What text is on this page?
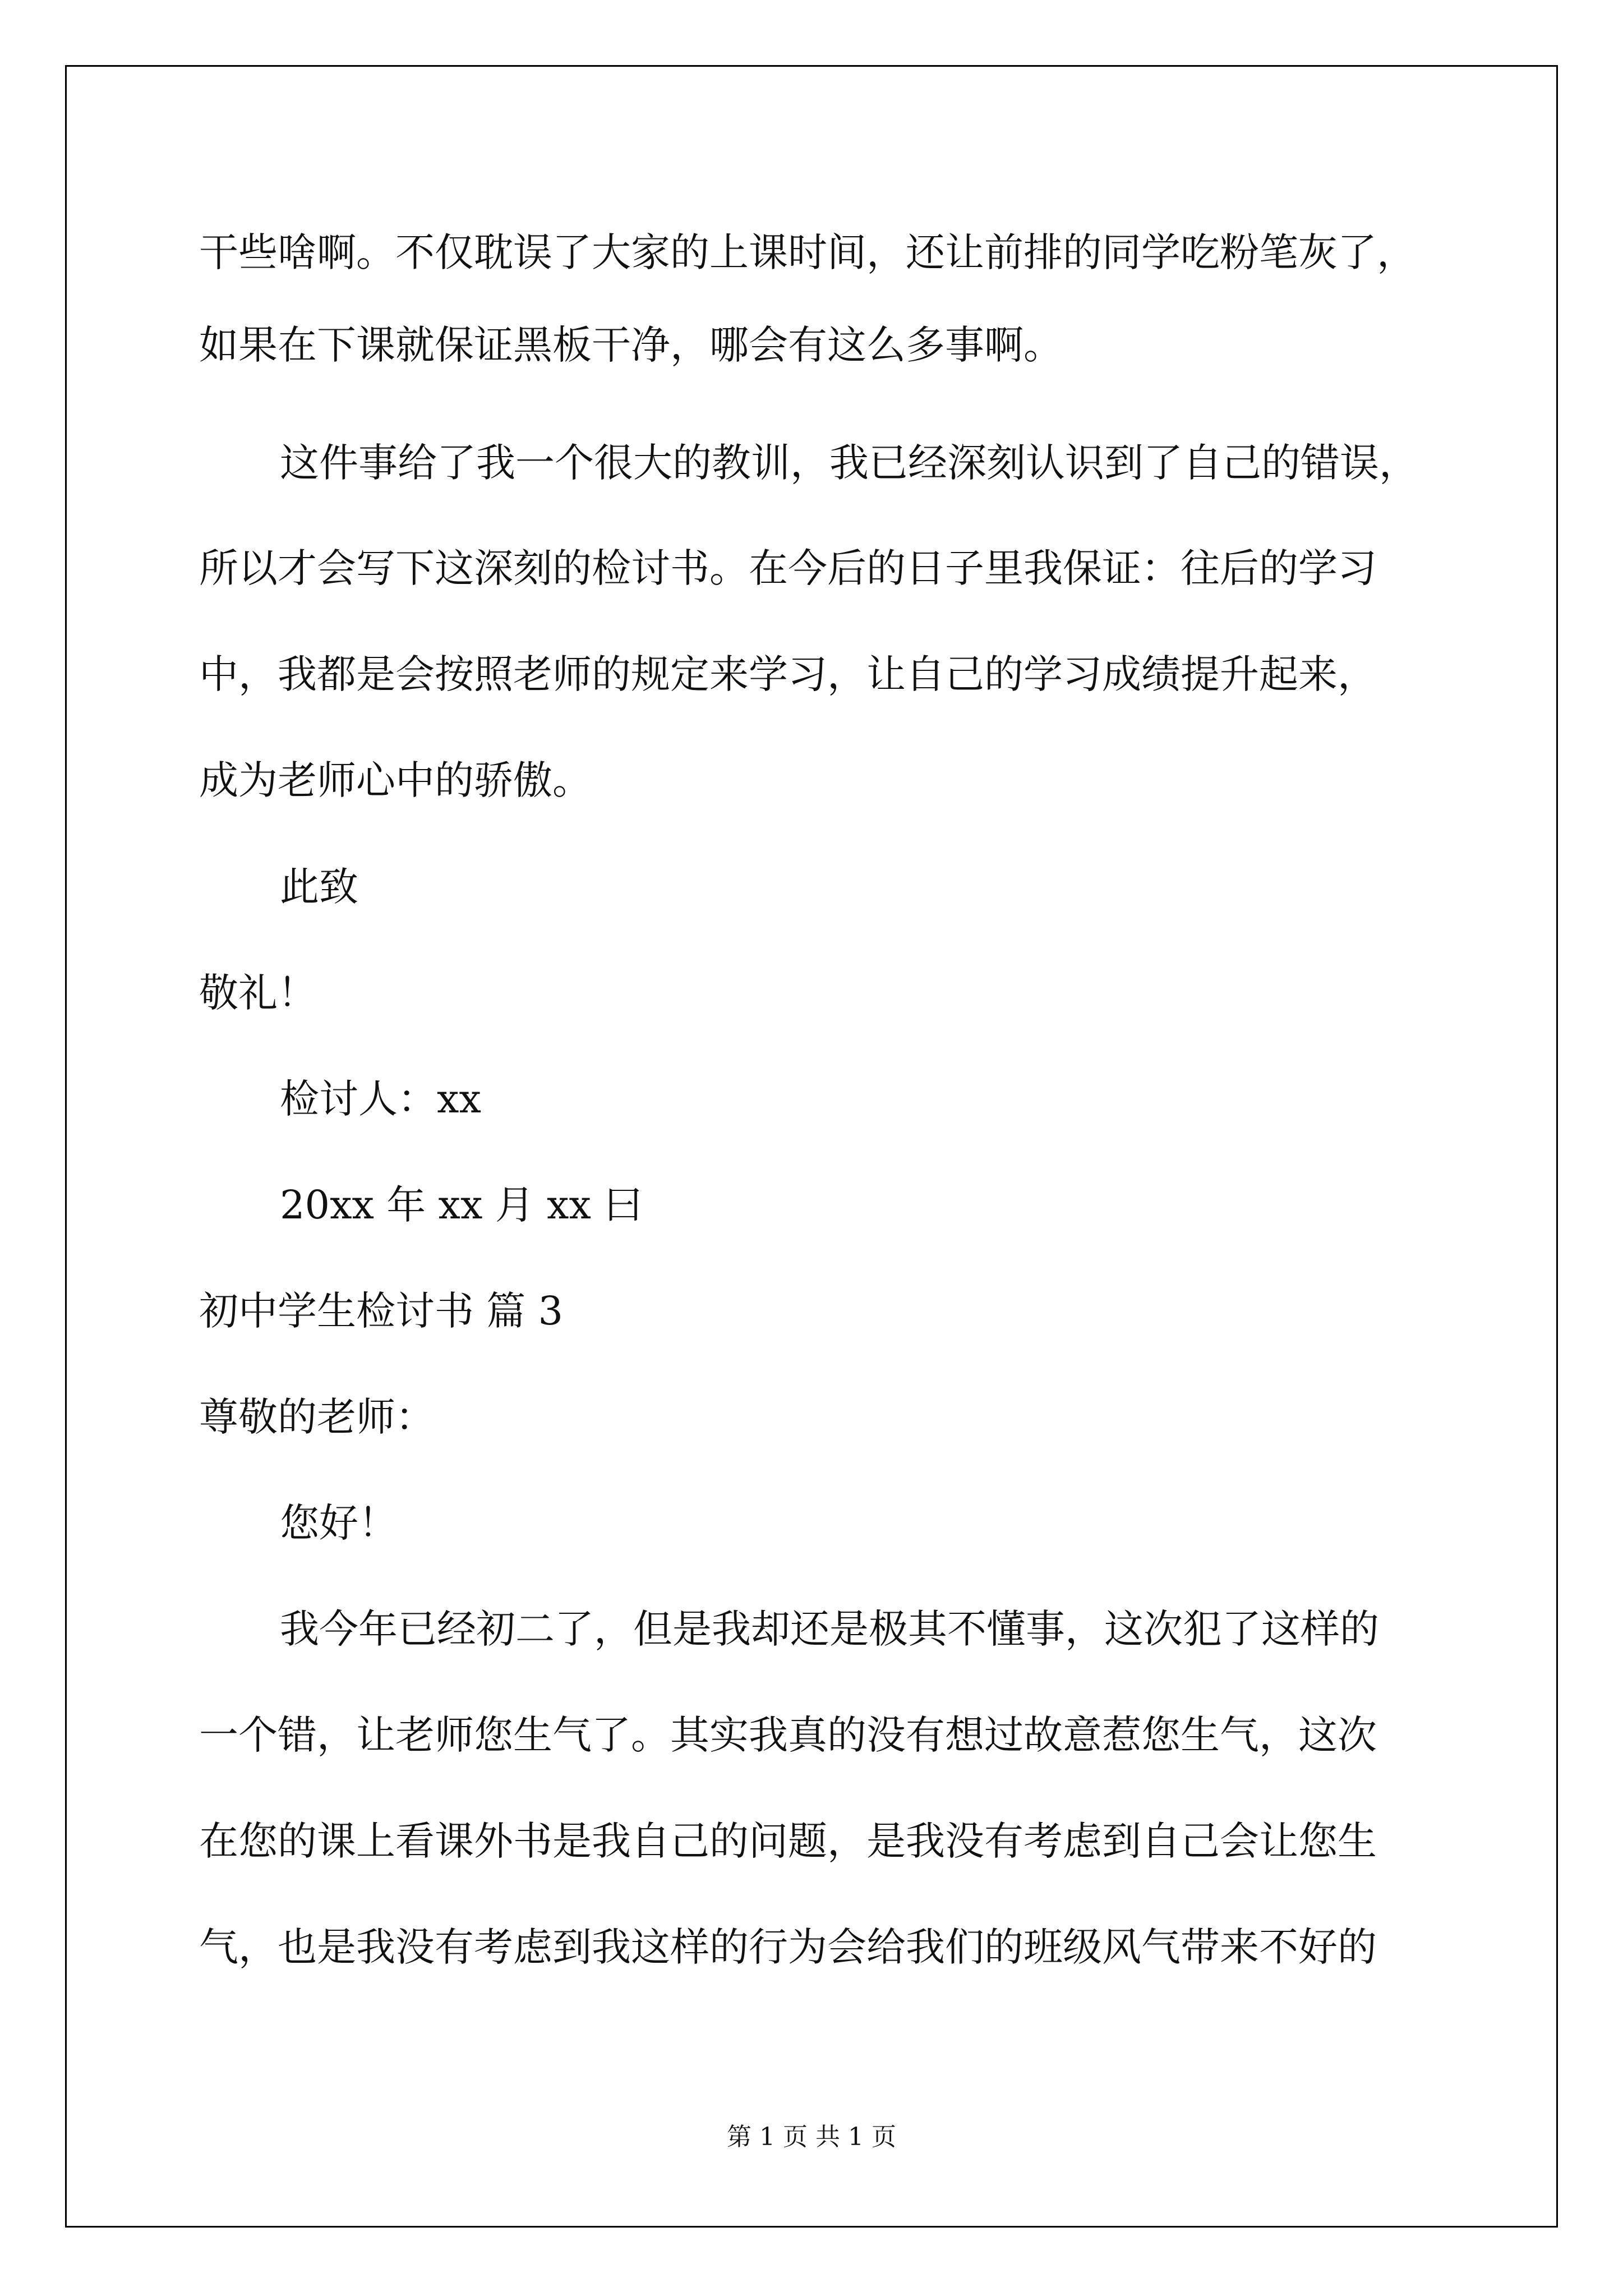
干些啥啊。不仅耽误了大家的上课时间，还让前排的同学吃粉笔灰了，

如果在下课就保证黑板干净，哪会有这么多事啊。

这件事给了我一个很大的教训，我已经深刻认识到了自己的错误，

所以才会写下这深刻的检讨书。在今后的日子里我保证：往后的学习

中，我都是会按照老师的规定来学习，让自己的学习成绩提升起来，

成为老师心中的骄傲。

此致

敬礼！

检讨人：xx

20xx 年 xx 月 xx 曰

初中学生检讨书 篇 3

尊敬的老师：

您好！

我今年已经初二了，但是我却还是极其不懂事，这次犯了这样的

一个错，让老师您生气了。其实我真的没有想过故意惹您生气，这次

在您的课上看课外书是我自己的问题，是我没有考虑到自己会让您生

气，也是我没有考虑到我这样的行为会给我们的班级风气带来不好的

第 1 页 共 1 页
